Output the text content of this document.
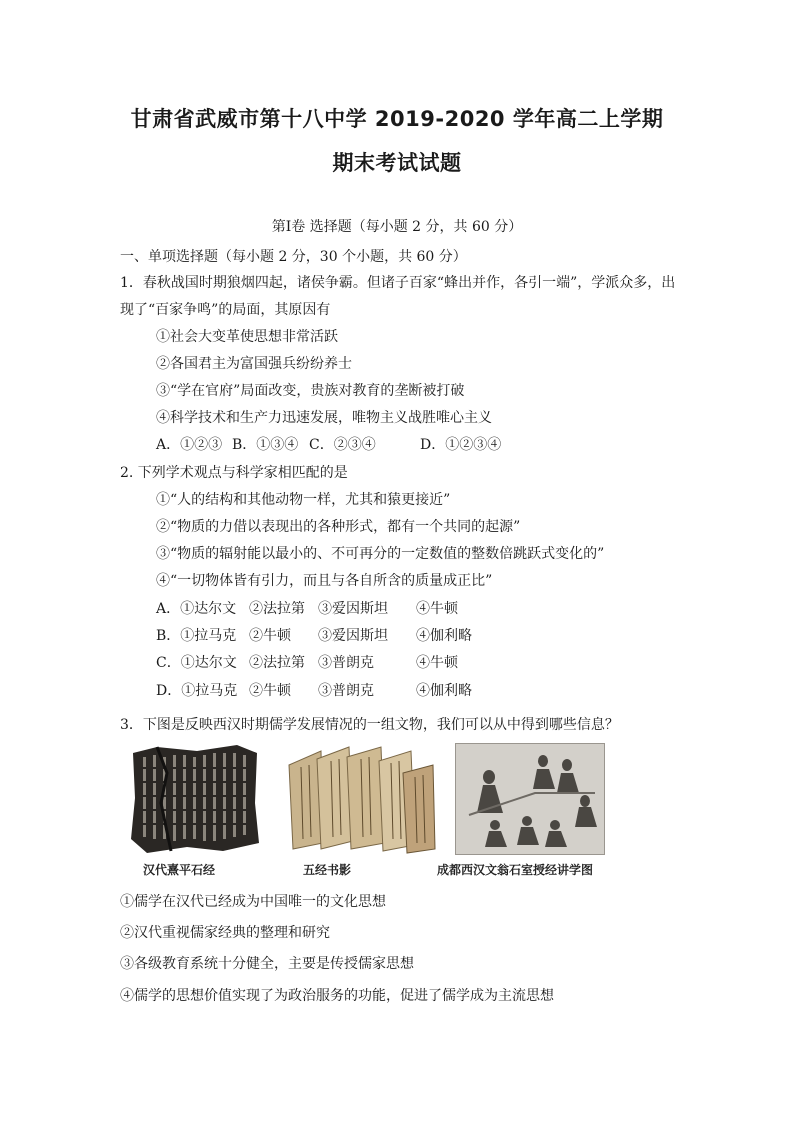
甘肃省武威市第十八中学 2019-2020 学年高二上学期
期末考试试题
第Ⅰ卷 选择题（每小题 2 分，共 60 分）
一、单项选择题（每小题 2 分，30 个小题，共 60 分）
1．春秋战国时期狼烟四起，诸侯争霸。但诸子百家“蜂出并作，各引一端”，学派众多，出
现了“百家争鸣”的局面，其原因有
①社会大变革使思想非常活跃
②各国君主为富国强兵纷纷养士
③“学在官府”局面改变，贵族对教育的垄断被打破
④科学技术和生产力迅速发展，唯物主义战胜唯心主义
A．①②③ B．①③④ C．②③④	D．①②③④
2. 下列学术观点与科学家相匹配的是
①“人的结构和其他动物一样，尤其和猿更接近”
②“物质的力借以表现出的各种形式，都有一个共同的起源”
③“物质的辐射能以最小的、不可再分的一定数值的整数倍跳跃式变化的”
④“一切物体皆有引力，而且与各自所含的质量成正比”
A．①达尔文 ②法拉第 ③爱因斯坦 ④牛顿
B．①拉马克 ②牛顿 ③爱因斯坦 ④伽利略
C．①达尔文 ②法拉第 ③普朗克	④牛顿
D．①拉马克 ②牛顿 ③普朗克	④伽利略
3．下图是反映西汉时期儒学发展情况的一组文物，我们可以从中得到哪些信息？
汉代熹平石经	五经书影	成都西汉文翁石室授经讲学图
①儒学在汉代已经成为中国唯一的文化思想
②汉代重视儒家经典的整理和研究
③各级教育系统十分健全，主要是传授儒家思想
④儒学的思想价值实现了为政治服务的功能，促进了儒学成为主流思想
